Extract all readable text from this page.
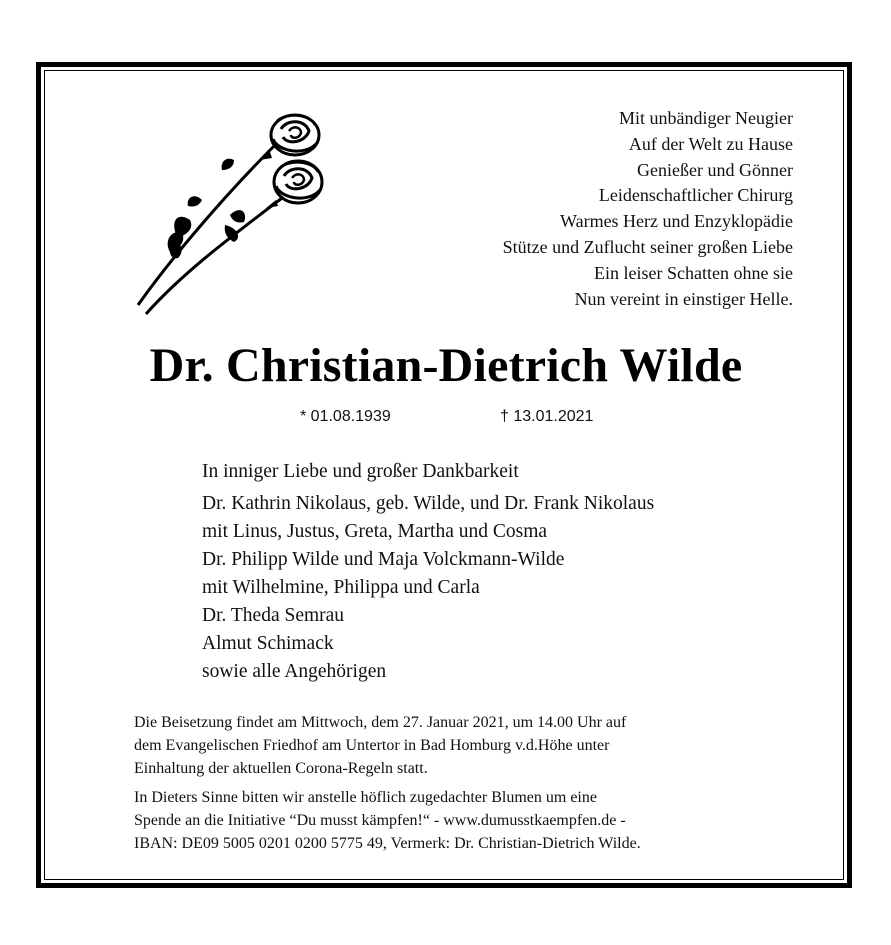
Mit unbändiger Neugier
Auf der Welt zu Hause
Genießer und Gönner
Leidenschaftlicher Chirurg
Warmes Herz und Enzyklopädie
Stütze und Zuflucht seiner großen Liebe
Ein leiser Schatten ohne sie
Nun vereint in einstiger Helle.
Dr. Christian-Dietrich Wilde
* 01.08.1939	† 13.01.2021
In inniger Liebe und großer Dankbarkeit
Dr. Kathrin Nikolaus, geb. Wilde, und Dr. Frank Nikolaus
mit Linus, Justus, Greta, Martha und Cosma
Dr. Philipp Wilde und Maja Volckmann-Wilde
mit Wilhelmine, Philippa und Carla
Dr. Theda Semrau
Almut Schimack
sowie alle Angehörigen
Die Beisetzung findet am Mittwoch, dem 27. Januar 2021, um 14.00 Uhr auf
dem Evangelischen Friedhof am Untertor in Bad Homburg v.d.Höhe unter
Einhaltung der aktuellen Corona-Regeln statt.
In Dieters Sinne bitten wir anstelle höflich zugedachter Blumen um eine
Spende an die Initiative “Du musst kämpfen!“ - www.dumusstkaempfen.de -
IBAN: DE09 5005 0201 0200 5775 49, Vermerk: Dr. Christian-Dietrich Wilde.
